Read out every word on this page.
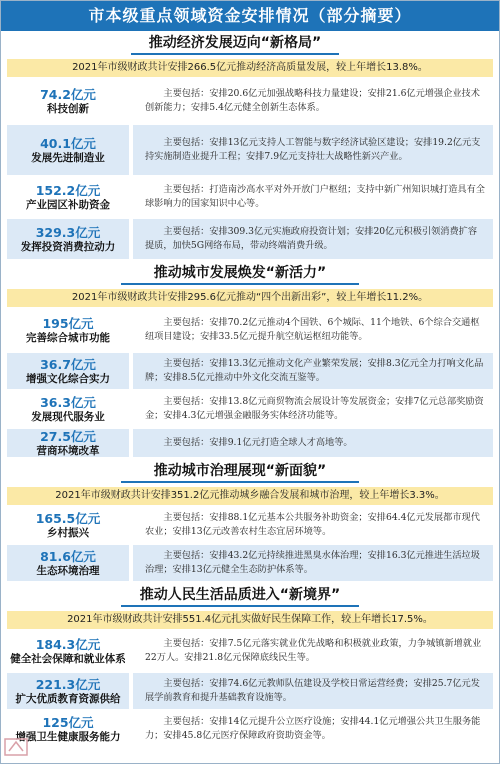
市本级重点领域资金安排情况（部分摘要）
推动经济发展迈向“新格局”
2021年市级财政共计安排266.5亿元推动经济高质量发展，较上年增长13.8%。
74.2亿元
科技创新

主要包括：安排20.6亿元加强战略科技力量建设；安排21.6亿元增强企业技术创新能力；安排5.4亿元健全创新生态体系。

40.1亿元
发展先进制造业

主要包括：安排13亿元支持人工智能与数字经济试验区建设；安排19.2亿元支持实施制造业提升工程；安排7.9亿元支持壮大战略性新兴产业。

152.2亿元
产业园区补助资金

主要包括：打造南沙高水平对外开放门户枢纽；支持中新广州知识城打造具有全球影响力的国家知识中心等。

329.3亿元
发挥投资消费拉动力

主要包括：安排309.3亿元实施政府投资计划；安排20亿元积极引领消费扩容提质，加快5G网络布局，带动终端消费升级。

推动城市发展焕发“新活力”
2021年市级财政共计安排295.6亿元推动“四个出新出彩”，较上年增长11.2%。
195亿元
完善综合城市功能

主要包括：安排70.2亿元推动4个国铁、6个城际、11个地铁、6个综合交通枢纽项目建设；安排33.5亿元提升航空航运枢纽功能等。

36.7亿元
增强文化综合实力

主要包括：安排13.3亿元推动文化产业繁荣发展；安排8.3亿元全力打响文化品牌；安排8.5亿元推动中外文化交流互鉴等。

36.3亿元
发展现代服务业

主要包括：安排13.8亿元商贸物流会展设计等发展资金；安排7亿元总部奖励资金；安排4.3亿元增强金融服务实体经济功能等。

27.5亿元
营商环境改革

主要包括：安排9.1亿元打造全球人才高地等。

推动城市治理展现“新面貌”
2021年市级财政共计安排351.2亿元推动城乡融合发展和城市治理，较上年增长3.3%。
165.5亿元
乡村振兴

主要包括：安排88.1亿元基本公共服务补助资金；安排64.4亿元发展都市现代农业；安排13亿元改善农村生态宜居环境等。

81.6亿元
生态环境治理

主要包括：安排43.2亿元持续推进黑臭水体治理；安排16.3亿元推进生活垃圾治理；安排13亿元健全生态防护体系等。

推动人民生活品质进入“新境界”
2021年市级财政共计安排551.4亿元扎实做好民生保障工作，较上年增长17.5%。
184.3亿元
健全社会保障和就业体系

主要包括：安排7.5亿元落实就业优先战略和积极就业政策，力争城镇新增就业22万人。安排21.8亿元保障底线民生等。

221.3亿元
扩大优质教育资源供给

主要包括：安排74.6亿元教师队伍建设及学校日常运营经费；安排25.7亿元发展学前教育和提升基础教育设施等。

125亿元
增强卫生健康服务能力

主要包括：安排14亿元提升公立医疗设施；安排44.1亿元增强公共卫生服务能力；安排45.8亿元医疗保障政府资助资金等。
